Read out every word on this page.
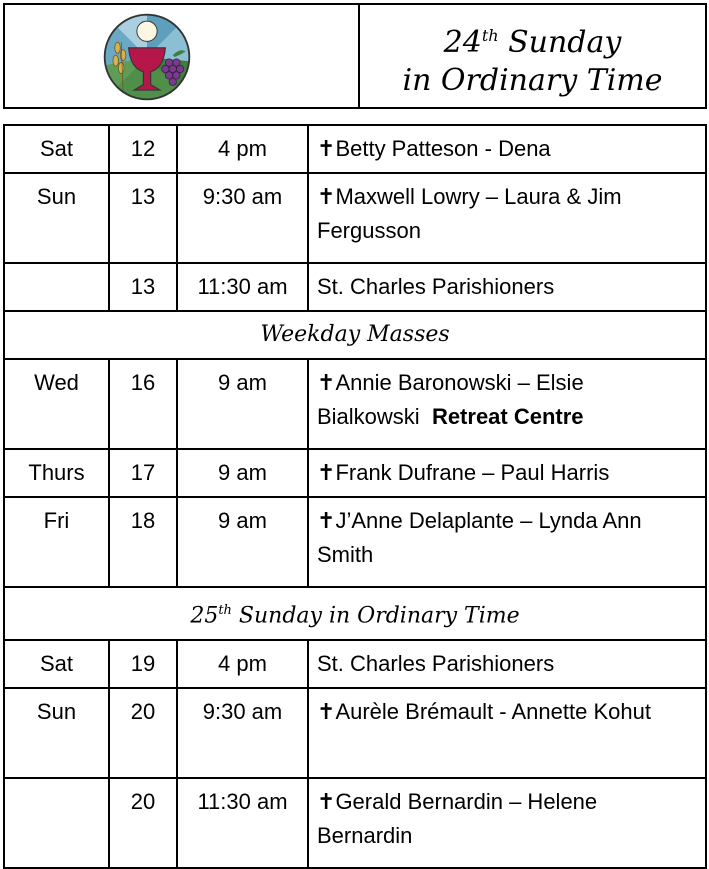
24th Sunday
in Ordinary Time
Sat	12	4 pm	✝Betty Patteson - Dena
Sun	13	9:30 am	✝Maxwell Lowry – Laura & Jim Fergusson
	13	11:30 am	St. Charles Parishioners
Weekday Masses			
Wed	16	9 am	✝Annie Baronowski – Elsie Bialkowski Retreat Centre
Thurs	17	9 am	✝Frank Dufrane – Paul Harris
Fri	18	9 am	✝J’Anne Delaplante – Lynda Ann Smith
25th Sunday in Ordinary Time			
Sat	19	4 pm	St. Charles Parishioners
Sun	20	9:30 am	✝Aurèle Brémault - Annette Kohut
	20	11:30 am	✝Gerald Bernardin – Helene Bernardin
